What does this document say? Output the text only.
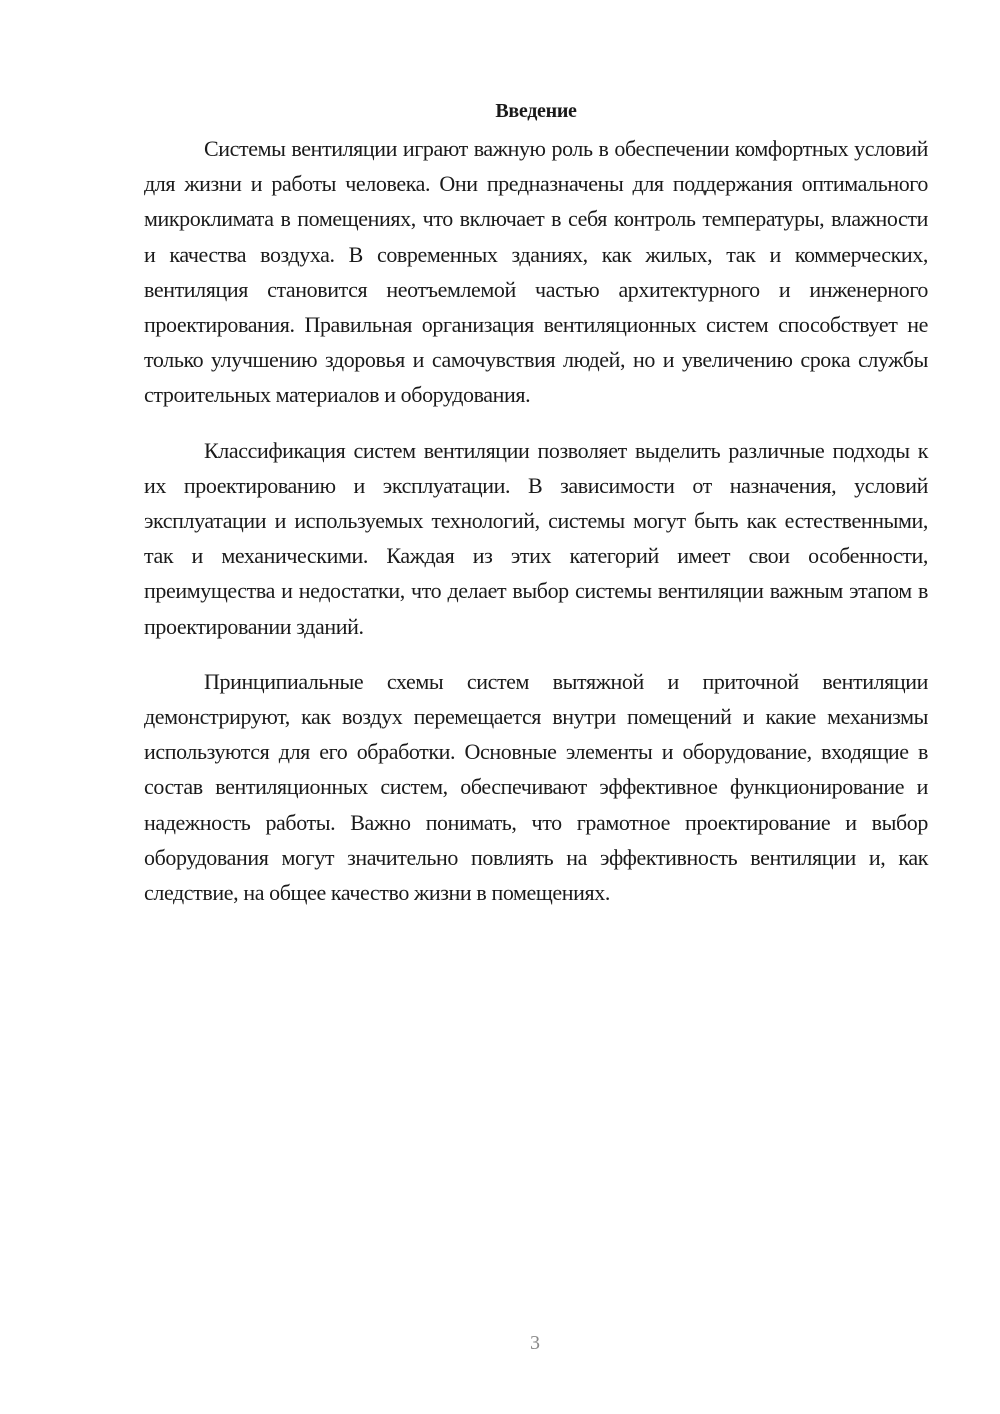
Введение

Системы вентиляции играют важную роль в обеспечении комфортных условий для жизни и работы человека. Они предназначены для поддержания оптимального микроклимата в помещениях, что включает в себя контроль температуры, влажности и качества воздуха. В современных зданиях, как жилых, так и коммерческих, вентиляция становится неотъемлемой частью архитектурного и инженерного проектирования. Правильная организация вентиляционных систем способствует не только улучшению здоровья и самочувствия людей, но и увеличению срока службы строительных материалов и оборудования.

Классификация систем вентиляции позволяет выделить различные подходы к их проектированию и эксплуатации. В зависимости от назначения, условий эксплуатации и используемых технологий, системы могут быть как естественными, так и механическими. Каждая из этих категорий имеет свои особенности, преимущества и недостатки, что делает выбор системы вентиляции важным этапом в проектировании зданий.

Принципиальные схемы систем вытяжной и приточной вентиляции демонстрируют, как воздух перемещается внутри помещений и какие механизмы используются для его обработки. Основные элементы и оборудование, входящие в состав вентиляционных систем, обеспечивают эффективное функционирование и надежность работы. Важно понимать, что грамотное проектирование и выбор оборудования могут значительно повлиять на эффективность вентиляции и, как следствие, на общее качество жизни в помещениях.

3
